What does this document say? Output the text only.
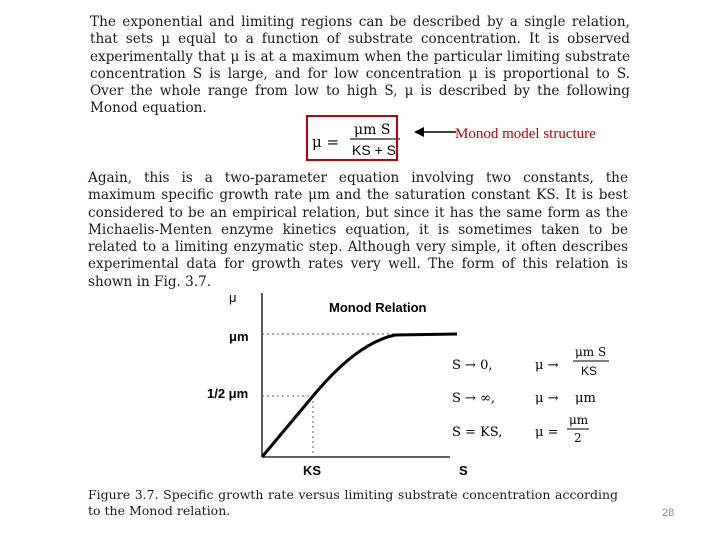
The exponential and limiting regions can be described by a single relation, that sets μ equal to a function of substrate concentration. It is observed experimentally that μ is at a maximum when the particular limiting substrate concentration S is large, and for low concentration μ is proportional to S. Over the whole range from low to high S, μ is described by the following Monod equation.

μ =
μm S
KS + S
Monod model structure

Again, this is a two-parameter equation involving two constants, the maximum specific growth rate μm and the saturation constant KS. It is best considered to be an empirical relation, but since it has the same form as the Michaelis-Menten enzyme kinetics equation, it is sometimes taken to be related to a limiting enzymatic step. Although very simple, it often describes experimental data for growth rates very well. The form of this relation is shown in Fig. 3.7.

μ
Monod Relation
μm
1/2 μm
KS	S
S → 0,	μ →
μm S
KS
S → ∞,	μ → μm
S = KS,	μ =
μm
2
Figure 3.7. Specific growth rate versus limiting substrate concentration according to the Monod relation.	28
